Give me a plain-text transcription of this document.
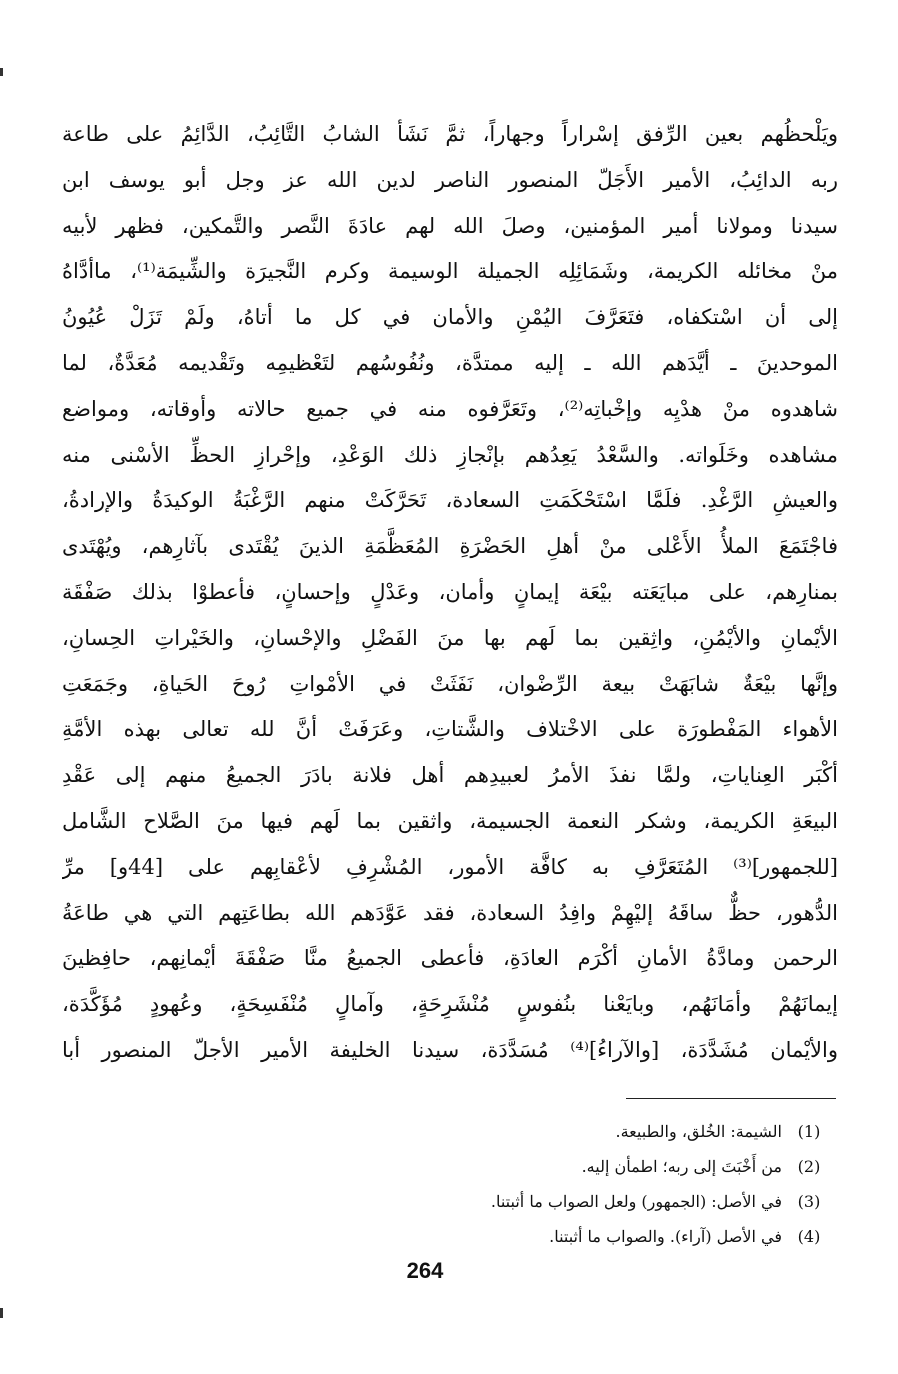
ويَلْحظُهم بعين الرِّفق إسْراراً وجهاراً، ثمَّ نَشَأ الشابُ التَّائِبُ، الدَّائِمُ على طاعة
ربه الدائِبُ، الأمير الأَجَلّ المنصور الناصر لدين الله عز وجل أبو يوسف ابن
سيدنا ومولانا أمير المؤمنين، وصلَ الله لهم عادَةَ النَّصر والتَّمكين، فظهر لأبيه
منْ مخائله الكريمة، وشَمَائِلِه الجميلة الوسيمة وكرم النَّجيرَة والشِّيمَة⁽¹⁾، ماأدَّاهُ
إلى أن اسْتكفاه، فتَعَرَّفَ اليُمْنِ والأمان في كل ما أتاهُ، ولَمْ تَزَلْ عُيُونُ
الموحدينَ ـ أيَّدَهم الله ـ إليه ممتدَّة، ونُفُوسُهم لتَعْظيمِه وتَقْديمه مُعَدَّةٌ، لما
شاهدوه منْ هدْيِه وإخْباتِه⁽²⁾، وتَعَرَّفوه منه في جميع حالاته وأوقاته، ومواضع
مشاهده وخَلَواته. والسَّعْدُ يَعِدُهم بإنْجازِ ذلك الوَعْدِ، وإحْرازِ الحظِّ الأسْنى منه
والعيشِ الرَّغْدِ. فلَمَّا اسْتَحْكَمَتِ السعادة، تَحَرَّكَتْ منهم الرَّغْبَةُ الوكيدَةُ والإرادةُ،
فاجْتَمَعَ الملأُ الأَعْلى منْ أهلِ الحَضْرَةِ المُعَظَّمَةِ الذينَ يُقْتَدى بآثارِهم، ويُهْتَدى
بمنارِهم، على مبايَعَته بيْعَة إيمانٍ وأمان، وعَدْلٍ وإحسانٍ، فأعطوْا بذلك صَفْقَة
الأيْمانِ والأيْمُنِ، واثِقين بما لَهم بها منَ الفَضْلِ والإحْسانِ، والخَيْراتِ الحِسانِ،
وإنَّها بيْعَةٌ شابَهَتْ بيعة الرِّضْوان، نَفَثَتْ في الأمْواتِ رُوحَ الحَياةِ، وجَمَعَتِ
الأهواء المَفْطورَة على الاخْتلاف والشَّتاتِ، وعَرَفَتْ أنَّ لله تعالى بهذه الأمَّةِ
أكْبَر العِناياتِ، ولمَّا نفذَ الأمرُ لعبيدِهم أهل فلانة بادَرَ الجميعُ منهم إلى عَقْدِ
البيعَةِ الكريمة، وشكر النعمة الجسيمة، واثقين بما لَهم فيها منَ الصَّلاح الشَّامل
[للجمهور]⁽³⁾ المُتَعَرَّفِ به كافَّة الأمور، المُشْرِفِ لأعْقابِهم على [44و] مرِّ
الدُّهور، حظٌّ ساقَهُ إليْهِمْ وافِدُ السعادة، فقد عَوَّدَهم الله بطاعَتِهم التي هي طاعَةُ
الرحمن ومادَّةُ الأمانِ أكْرَم العادَةِ، فأعطى الجميعُ منَّا صَفْقَةَ أيْمانِهم، حافِظينَ
إيمانَهُمْ وأمَانَهُم، وبايَعْنا بنُفوسٍ مُنْشَرِحَةٍ، وآمالٍ مُنْفَسِحَةٍ، وعُهودٍ مُؤَكَّدَة،
والأيْمان مُشَدَّدَة، [والآراءُ]⁽⁴⁾ مُسَدَّدَة، سيدنا الخليفة الأمير الأجلّ المنصور أبا
(1)
الشيمة: الخُلق، والطبيعة.
(2)
من أَخْبَتَ إلى ربه؛ اطمأن إليه.
(3)
في الأصل: (الجمهور) ولعل الصواب ما أثبتنا.
(4)
في الأصل (آراء). والصواب ما أثبتنا.
264
